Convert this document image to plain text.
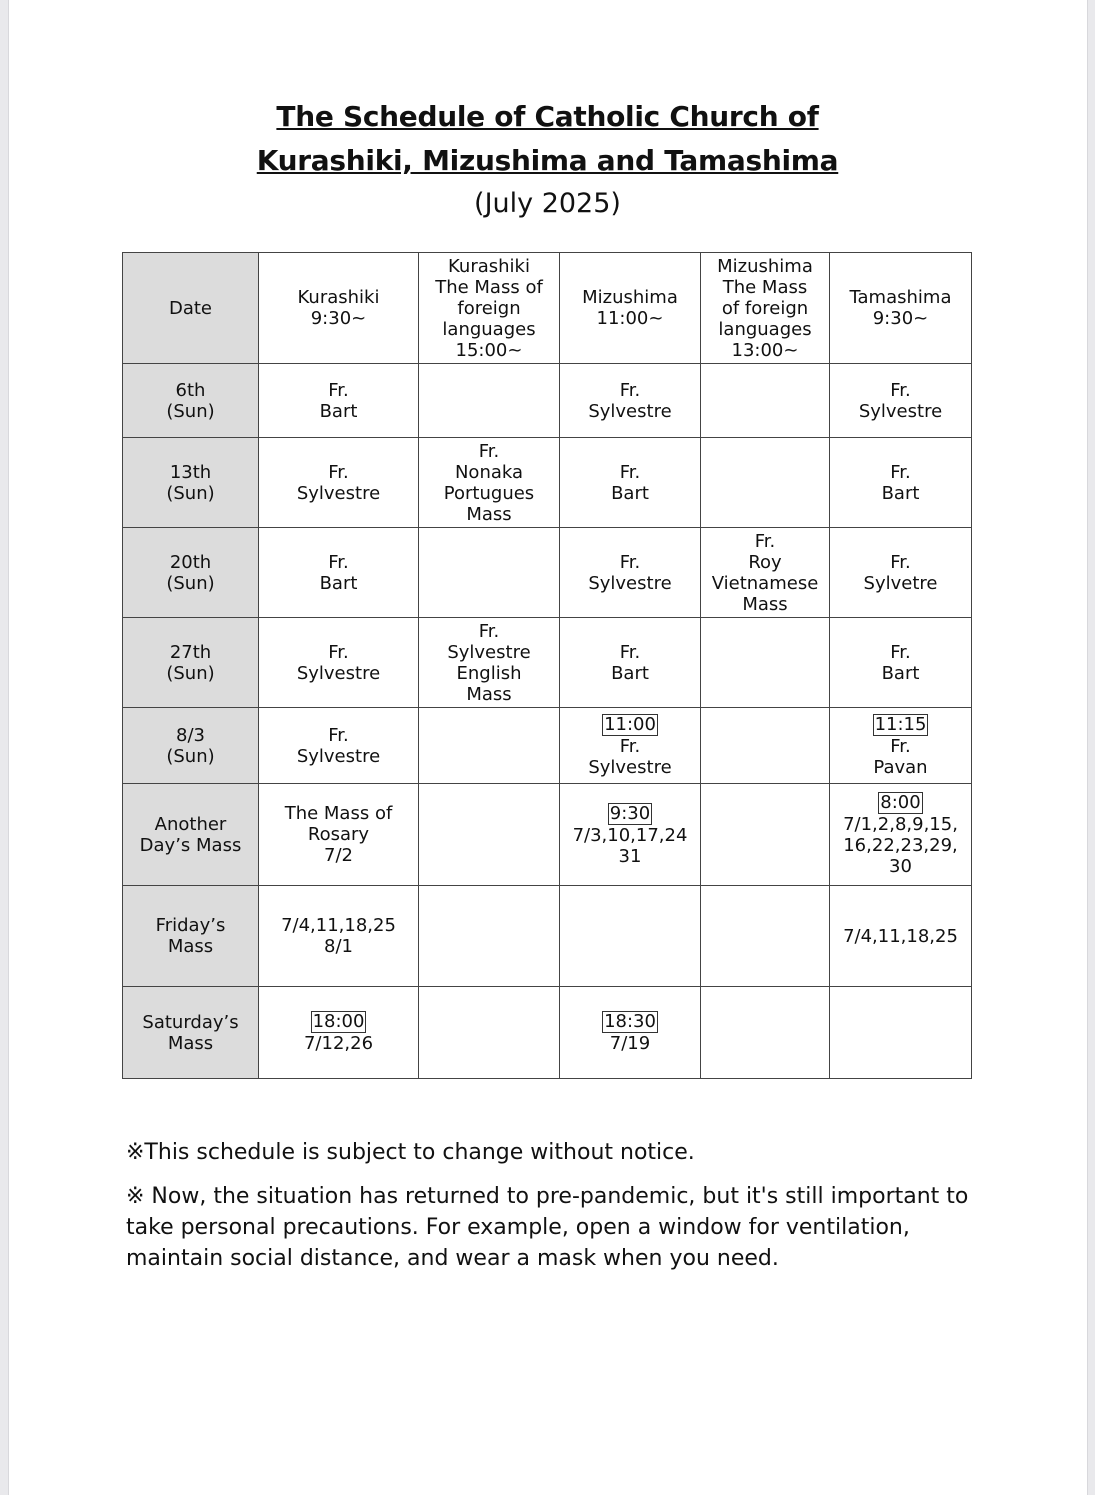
The Schedule of Catholic Church of
Kurashiki, Mizushima and Tamashima
(July 2025)
Date	Kurashiki
9:30~	Kurashiki
The Mass of
foreign
languages
15:00~	Mizushima
11:00~	Mizushima
The Mass
of foreign
languages
13:00~	Tamashima
9:30~
6th
(Sun)	Fr.
Bart		Fr.
Sylvestre		Fr.
Sylvestre
13th
(Sun)	Fr.
Sylvestre	Fr.
Nonaka
Portugues
Mass	Fr.
Bart		Fr.
Bart
20th
(Sun)	Fr.
Bart		Fr.
Sylvestre	Fr.
Roy
Vietnamese
Mass	Fr.
Sylvetre
27th
(Sun)	Fr.
Sylvestre	Fr.
Sylvestre
English
Mass	Fr.
Bart		Fr.
Bart
8/3
(Sun)	Fr.
Sylvestre		11:00
Fr.
Sylvestre		11:15
Fr.
Pavan
Another
Day’s Mass	The Mass of
Rosary
7/2		9:30
7/3,10,17,24
31		8:00
7/1,2,8,9,15,
16,22,23,29,
30
Friday’s
Mass	7/4,11,18,25
8/1				7/4,11,18,25
Saturday’s
Mass	18:00
7/12,26		18:30
7/19		
※This schedule is subject to change without notice.
※ Now, the situation has returned to pre-pandemic, but it's still important to take personal precautions. For example, open a window for ventilation, maintain social distance, and wear a mask when you need.
